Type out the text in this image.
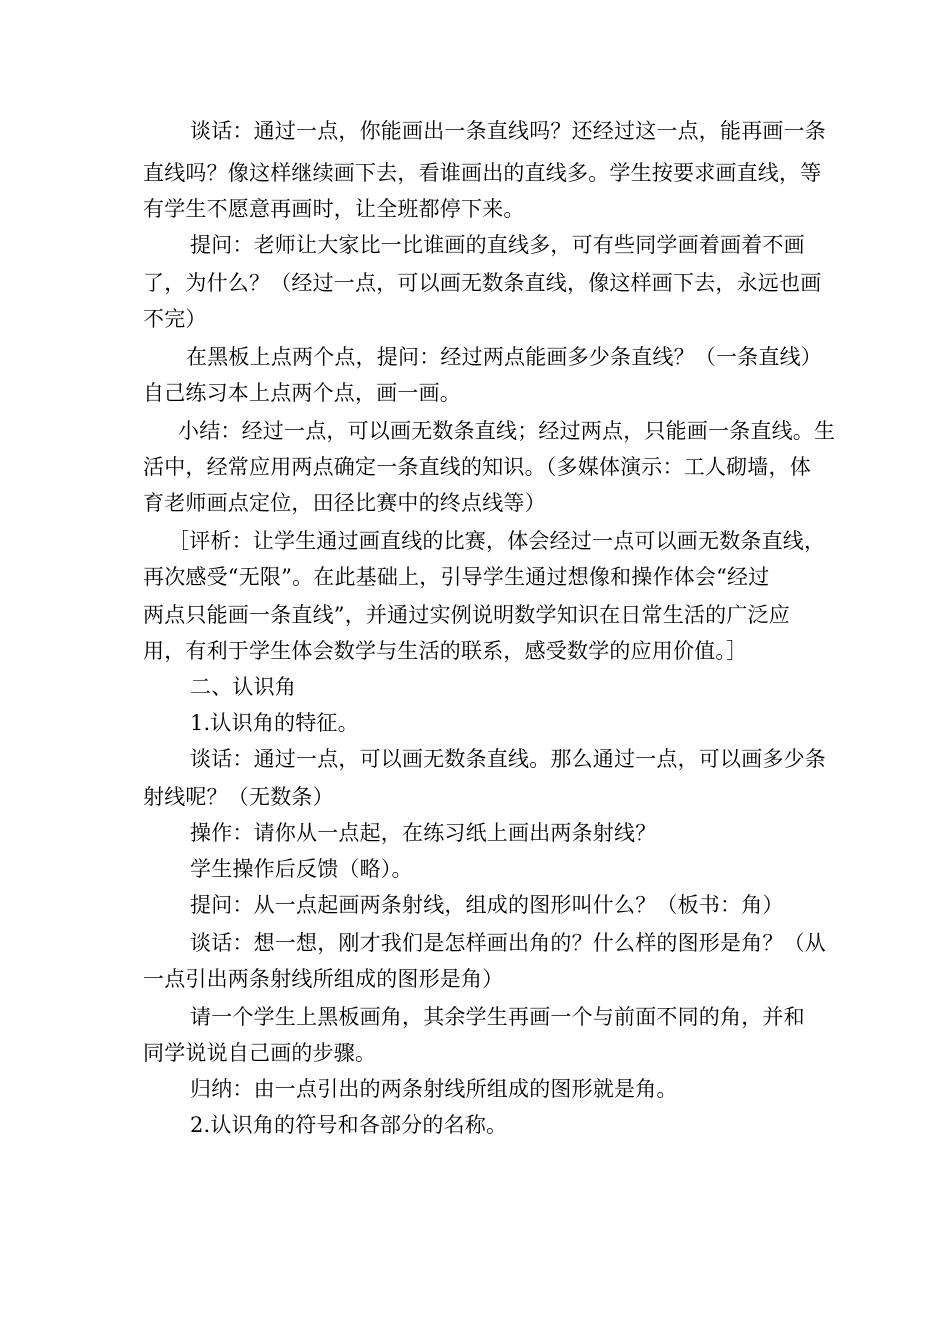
谈话：通过一点，你能画出一条直线吗？还经过这一点，能再画一条
直线吗？像这样继续画下去，看谁画出的直线多。学生按要求画直线，等
有学生不愿意再画时，让全班都停下来。
提问：老师让大家比一比谁画的直线多，可有些同学画着画着不画
了，为什么？（经过一点，可以画无数条直线，像这样画下去，永远也画
不完）
在黑板上点两个点，提问：经过两点能画多少条直线？（一条直线）
自己练习本上点两个点，画一画。
小结：经过一点，可以画无数条直线；经过两点，只能画一条直线。生
活中，经常应用两点确定一条直线的知识。（多媒体演示：工人砌墙，体
育老师画点定位，田径比赛中的终点线等）
［评析：让学生通过画直线的比赛，体会经过一点可以画无数条直线，
再次感受“无限”。在此基础上，引导学生通过想像和操作体会“经过
两点只能画一条直线”，并通过实例说明数学知识在日常生活的广泛应
用，有利于学生体会数学与生活的联系，感受数学的应用价值。］
二、认识角
1.认识角的特征。
谈话：通过一点，可以画无数条直线。那么通过一点，可以画多少条
射线呢？（无数条）
操作：请你从一点起，在练习纸上画出两条射线？
学生操作后反馈（略）。
提问：从一点起画两条射线，组成的图形叫什么？（板书：角）
谈话：想一想，刚才我们是怎样画出角的？什么样的图形是角？（从
一点引出两条射线所组成的图形是角）
请一个学生上黑板画角，其余学生再画一个与前面不同的角，并和
同学说说自己画的步骤。
归纳：由一点引出的两条射线所组成的图形就是角。
2.认识角的符号和各部分的名称。
